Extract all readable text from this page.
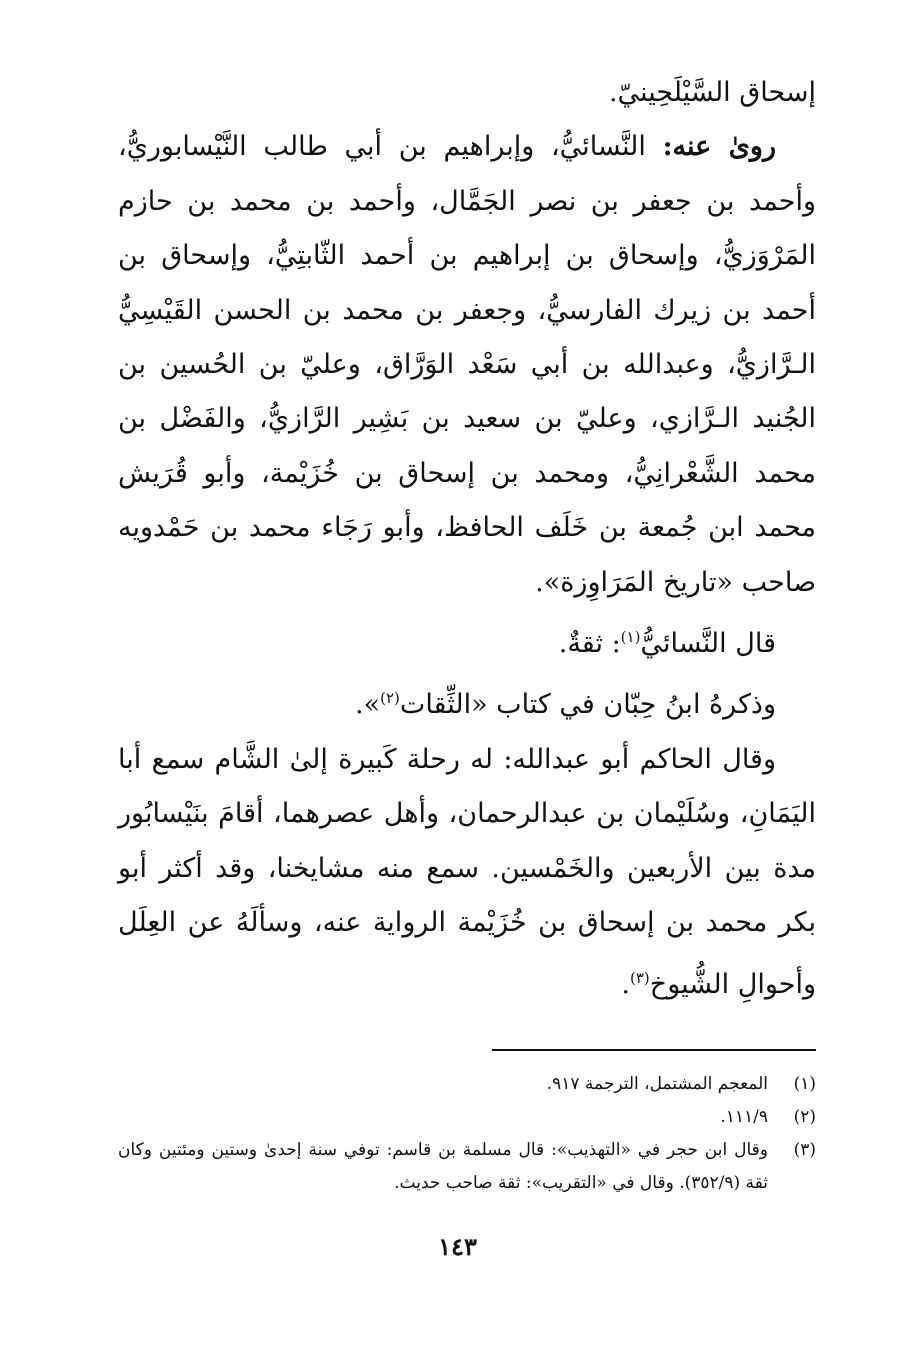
إسحاق السَّيْلَحِينيّ.

روىٰ عنه: النَّسائيُّ، وإبراهيم بن أبي طالب النَّيْسابوريُّ، وأحمد بن جعفر بن نصر الجَمَّال، وأحمد بن محمد بن حازم المَرْوَزيُّ، وإسحاق بن إبراهيم بن أحمد الثّابتِيُّ، وإسحاق بن أحمد بن زيرك الفارسيُّ، وجعفر بن محمد بن الحسن القَيْسِيُّ الـرَّازيُّ، وعبدالله بن أبي سَعْد الوَرَّاق، وعليّ بن الحُسين بن الجُنيد الـرَّازي، وعليّ بن سعيد بن بَشِير الرَّازيُّ، والفَضْل بن محمد الشَّعْرانِيُّ، ومحمد بن إسحاق بن خُزَيْمة، وأبو قُرَيش محمد ابن جُمعة بن خَلَف الحافظ، وأبو رَجَاء محمد بن حَمْدويه صاحب «تاريخ المَرَاوِزة».

قال النَّسائيُّ$^{(١)}$: ثقةٌ.

وذكرهُ ابنُ حِبّان في كتاب «الثِّقات$^{(٢)}$».

وقال الحاكم أبو عبدالله: له رحلة كَبيرة إلىٰ الشَّام سمع أبا اليَمَانِ، وسُلَيْمان بن عبدالرحمان، وأهل عصرهما، أقامَ بنَيْسابُور مدة بين الأربعين والخَمْسين. سمع منه مشايخنا، وقد أكثر أبو بكر محمد بن إسحاق بن خُزَيْمة الرواية عنه، وسألَهُ عن العِلَل وأحوالِ الشُّيوخ$^{(٣)}$.

(١)
المعجم المشتمل، الترجمة ٩١٧.
(٢)
١١١/٩.
(٣)
وقال ابن حجر في «التهذيب»: قال مسلمة بن قاسم: توفي سنة إحدىٰ وستين ومئتين وكان ثقة (٣٥٢/٩). وقال في «التقريب»: ثقة صاحب حديث.
١٤٣
